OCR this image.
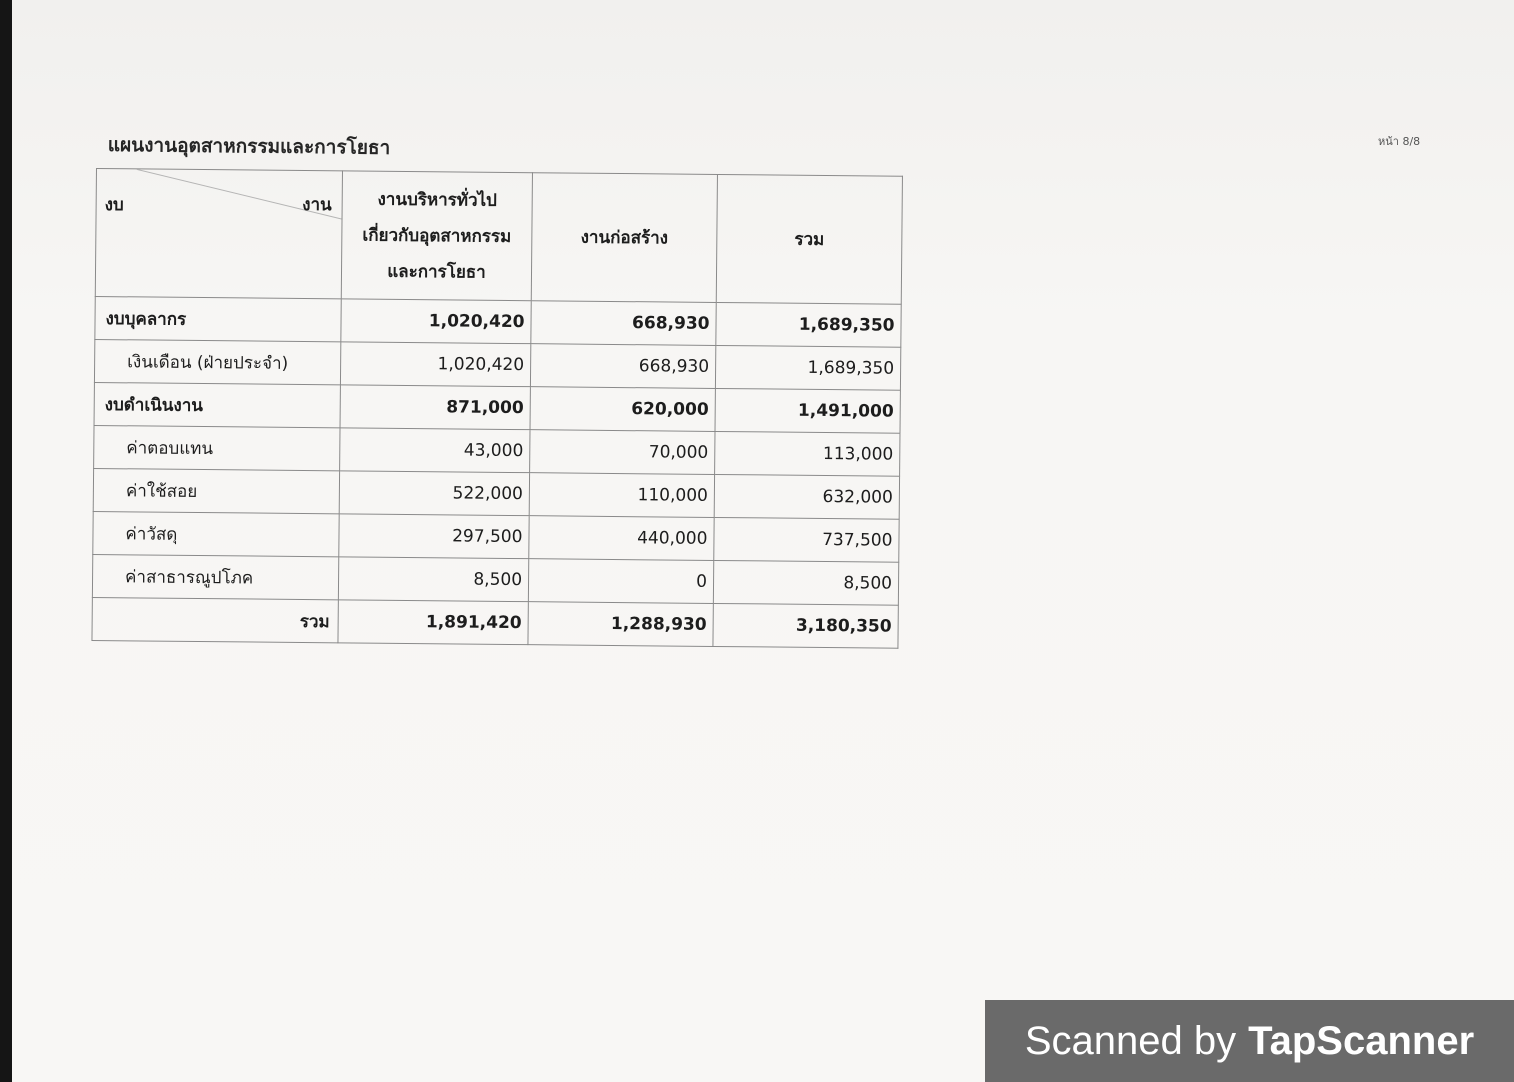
แผนงานอุตสาหกรรมและการโยธา	หน้า 8/8
งบ งาน	งานบริหารทั่วไปเกี่ยวกับอุตสาหกรรมและการโยธา	งานก่อสร้าง	รวม
งบบุคลากร	1,020,420	668,930	1,689,350
เงินเดือน (ฝ่ายประจำ)	1,020,420	668,930	1,689,350
งบดำเนินงาน	871,000	620,000	1,491,000
ค่าตอบแทน	43,000	70,000	113,000
ค่าใช้สอย	522,000	110,000	632,000
ค่าวัสดุ	297,500	440,000	737,500
ค่าสาธารณูปโภค	8,500	0	8,500
รวม	1,891,420	1,288,930	3,180,350
Scanned by TapScanner
